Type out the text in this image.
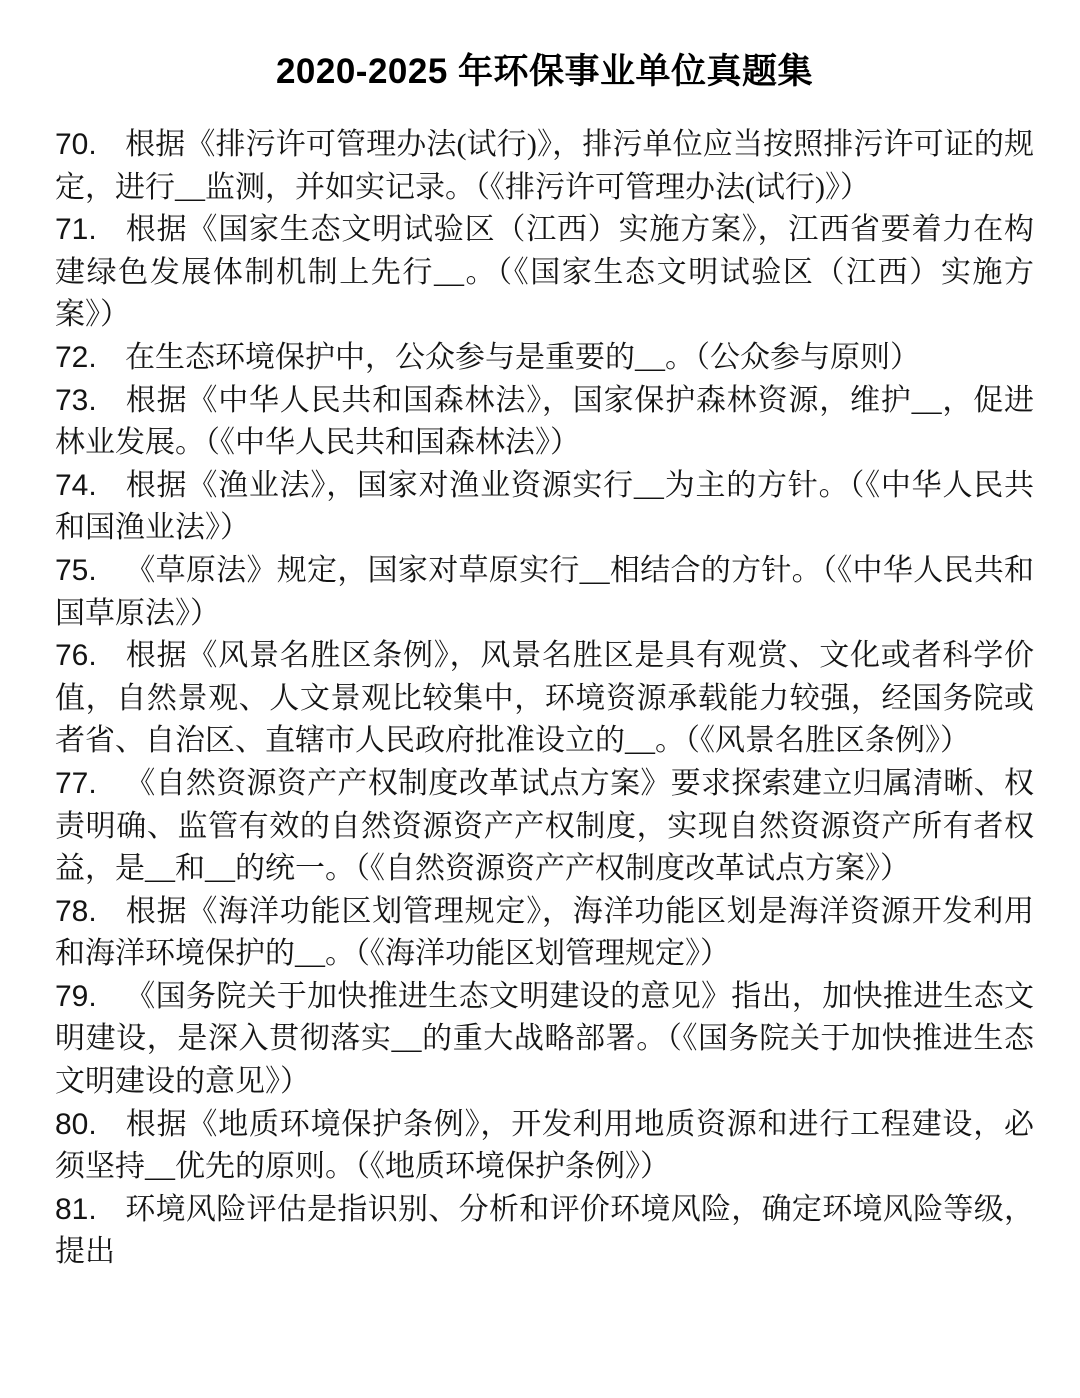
2020-2025 年环保事业单位真题集

70. 根据《排污许可管理办法(试行)》，排污单位应当按照排污许可证的规定，进行__监测，并如实记录。（《排污许可管理办法(试行)》）

71. 根据《国家生态文明试验区（江西）实施方案》，江西省要着力在构建绿色发展体制机制上先行__。（《国家生态文明试验区（江西）实施方案》）

72. 在生态环境保护中，公众参与是重要的__。（公众参与原则）

73. 根据《中华人民共和国森林法》，国家保护森林资源，维护__，促进林业发展。（《中华人民共和国森林法》）

74. 根据《渔业法》，国家对渔业资源实行__为主的方针。（《中华人民共和国渔业法》）

75. 《草原法》规定，国家对草原实行__相结合的方针。（《中华人民共和国草原法》）

76. 根据《风景名胜区条例》，风景名胜区是具有观赏、文化或者科学价值，自然景观、人文景观比较集中，环境资源承载能力较强，经国务院或者省、自治区、直辖市人民政府批准设立的__。（《风景名胜区条例》）

77. 《自然资源资产产权制度改革试点方案》要求探索建立归属清晰、权责明确、监管有效的自然资源资产产权制度，实现自然资源资产所有者权益，是__和__的统一。（《自然资源资产产权制度改革试点方案》）

78. 根据《海洋功能区划管理规定》，海洋功能区划是海洋资源开发利用和海洋环境保护的__。（《海洋功能区划管理规定》）

79. 《国务院关于加快推进生态文明建设的意见》指出，加快推进生态文明建设，是深入贯彻落实__的重大战略部署。（《国务院关于加快推进生态文明建设的意见》）

80. 根据《地质环境保护条例》，开发利用地质资源和进行工程建设，必须坚持__优先的原则。（《地质环境保护条例》）

81. 环境风险评估是指识别、分析和评价环境风险，确定环境风险等级，提出
